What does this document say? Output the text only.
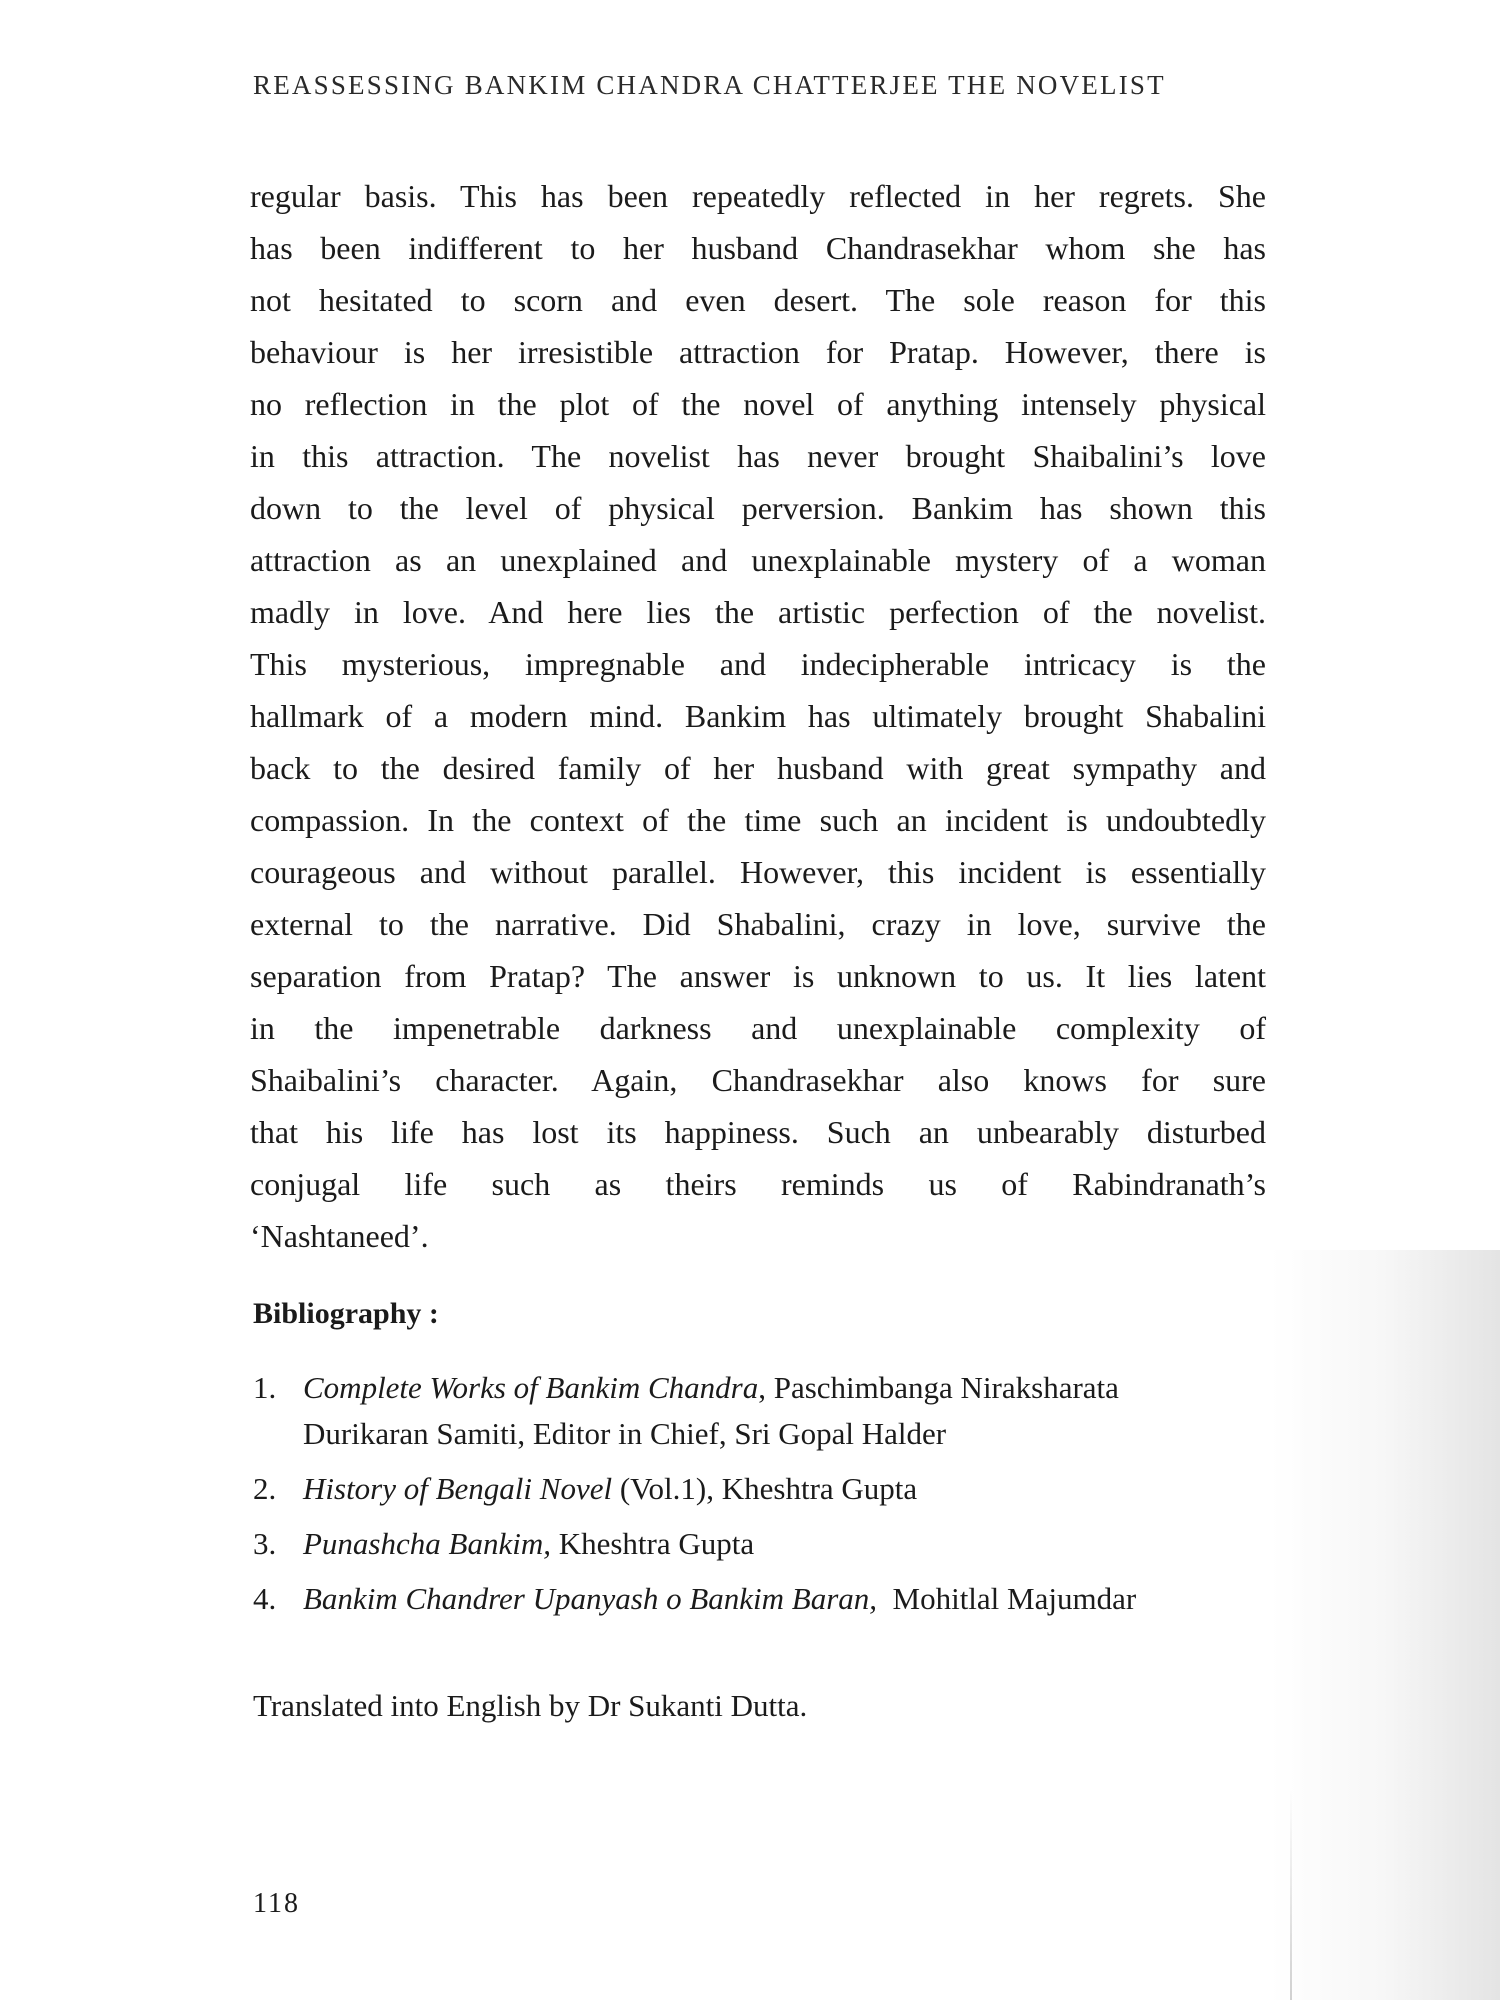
REASSESSING BANKIM CHANDRA CHATTERJEE THE NOVELIST
regular basis. This has been repeatedly reflected in her regrets. She
has been indifferent to her husband Chandrasekhar whom she has
not hesitated to scorn and even desert. The sole reason for this
behaviour is her irresistible attraction for Pratap. However, there is
no reflection in the plot of the novel of anything intensely physical
in this attraction. The novelist has never brought Shaibalini’s love
down to the level of physical perversion. Bankim has shown this
attraction as an unexplained and unexplainable mystery of a woman
madly in love. And here lies the artistic perfection of the novelist.
This mysterious, impregnable and indecipherable intricacy is the
hallmark of a modern mind. Bankim has ultimately brought Shabalini
back to the desired family of her husband with great sympathy and
compassion. In the context of the time such an incident is undoubtedly
courageous and without parallel. However, this incident is essentially
external to the narrative. Did Shabalini, crazy in love, survive the
separation from Pratap? The answer is unknown to us. It lies latent
in the impenetrable darkness and unexplainable complexity of
Shaibalini’s character. Again, Chandrasekhar also knows for sure
that his life has lost its happiness. Such an unbearably disturbed
conjugal life such as theirs reminds us of Rabindranath’s
‘Nashtaneed’.
Bibliography :
1. Complete Works of Bankim Chandra, Paschimbanga Niraksharata
Durikaran Samiti, Editor in Chief, Sri Gopal Halder
2. History of Bengali Novel (Vol.1), Kheshtra Gupta
3. Punashcha Bankim, Kheshtra Gupta
4. Bankim Chandrer Upanyash o Bankim Baran,  Mohitlal Majumdar

Translated into English by Dr Sukanti Dutta.

118
